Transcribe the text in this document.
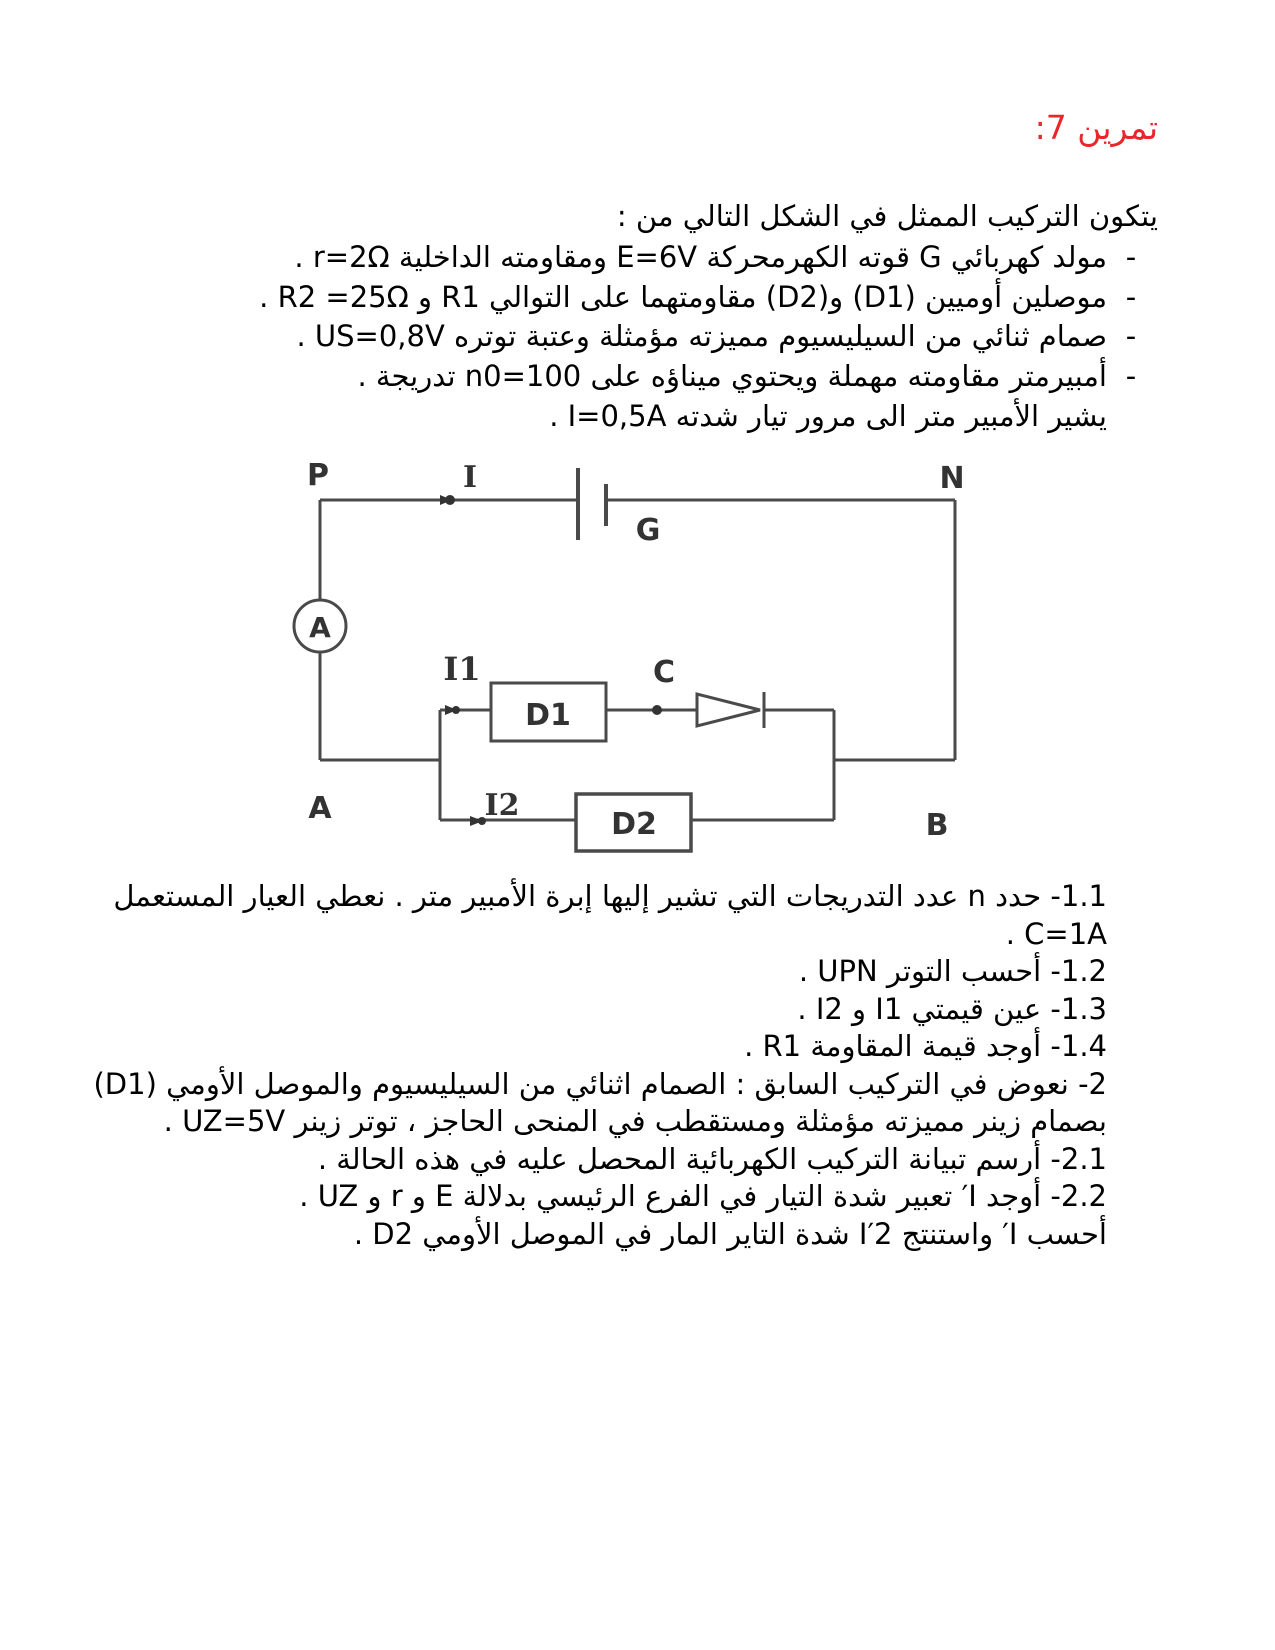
تمرين 7:
يتكون التركيب الممثل في الشكل التالي من :
-
مولد كهربائي G قوته الكهرمحركة E=6V ومقاومته الداخلية r=2Ω .
-
موصلين أوميين (D1) و(D2) مقاومتهما على التوالي R1 و R2 =25Ω .
-
صمام ثنائي من السيليسيوم مميزته مؤمثلة وعتبة توتره US=0,8V .
-
أمبيرمتر مقاومته مهملة ويحتوي ميناؤه على n0=100 تدريجة .
يشير الأمبير متر الى مرور تيار شدته I=0,5A .
P	I
G
N
A
I1	C
D1
A	I2
D2	B

1.1- حدد n عدد التدريجات التي تشير إليها إبرة الأمبير متر . نعطي العيار المستعمل C=1A .

1.2- أحسب التوتر UPN .

1.3- عين قيمتي I1 و I2 .

1.4- أوجد قيمة المقاومة R1 .

2- نعوض في التركيب السابق : الصمام اثنائي من السيليسيوم والموصل الأومي (D1) بصمام زينر مميزته مؤمثلة ومستقطب في المنحى الحاجز ، توتر زينر UZ=5V .

2.1- أرسم تبيانة التركيب الكهربائية المحصل عليه في هذه الحالة .

2.2- أوجد I′ تعبير شدة التيار في الفرع الرئيسي بدلالة E و r و UZ .

أحسب I′ واستنتج I′2 شدة التاير المار في الموصل الأومي D2 .
